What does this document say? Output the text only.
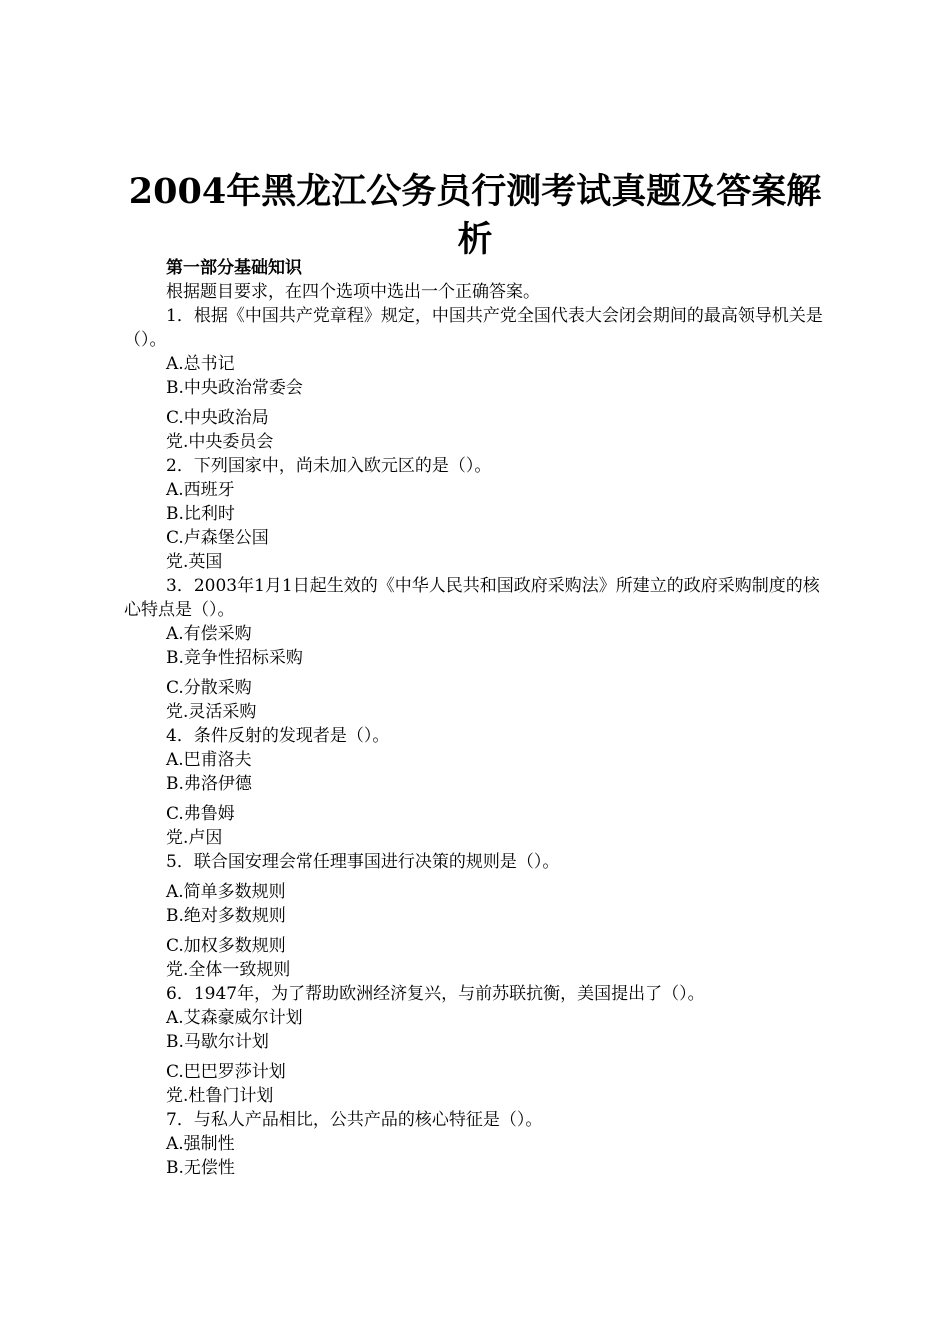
2004年黑龙江公务员行测考试真题及答案解析
第一部分基础知识
根据题目要求，在四个选项中选出一个正确答案。
1．根据《中国共产党章程》规定，中国共产党全国代表大会闭会期间的最高领导机关是（）。
A.总书记
B.中央政治常委会
C.中央政治局
党.中央委员会
2．下列国家中，尚未加入欧元区的是（）。
A.西班牙
B.比利时
C.卢森堡公国
党.英国
3．2003年1月1日起生效的《中华人民共和国政府采购法》所建立的政府采购制度的核心特点是（）。
A.有偿采购
B.竞争性招标采购
C.分散采购
党.灵活采购
4．条件反射的发现者是（）。
A.巴甫洛夫
B.弗洛伊德
C.弗鲁姆
党.卢因
5．联合国安理会常任理事国进行决策的规则是（）。
A.简单多数规则
B.绝对多数规则
C.加权多数规则
党.全体一致规则
6．1947年，为了帮助欧洲经济复兴，与前苏联抗衡，美国提出了（）。
A.艾森豪威尔计划
B.马歇尔计划
C.巴巴罗莎计划
党.杜鲁门计划
7．与私人产品相比，公共产品的核心特征是（）。
A.强制性
B.无偿性
